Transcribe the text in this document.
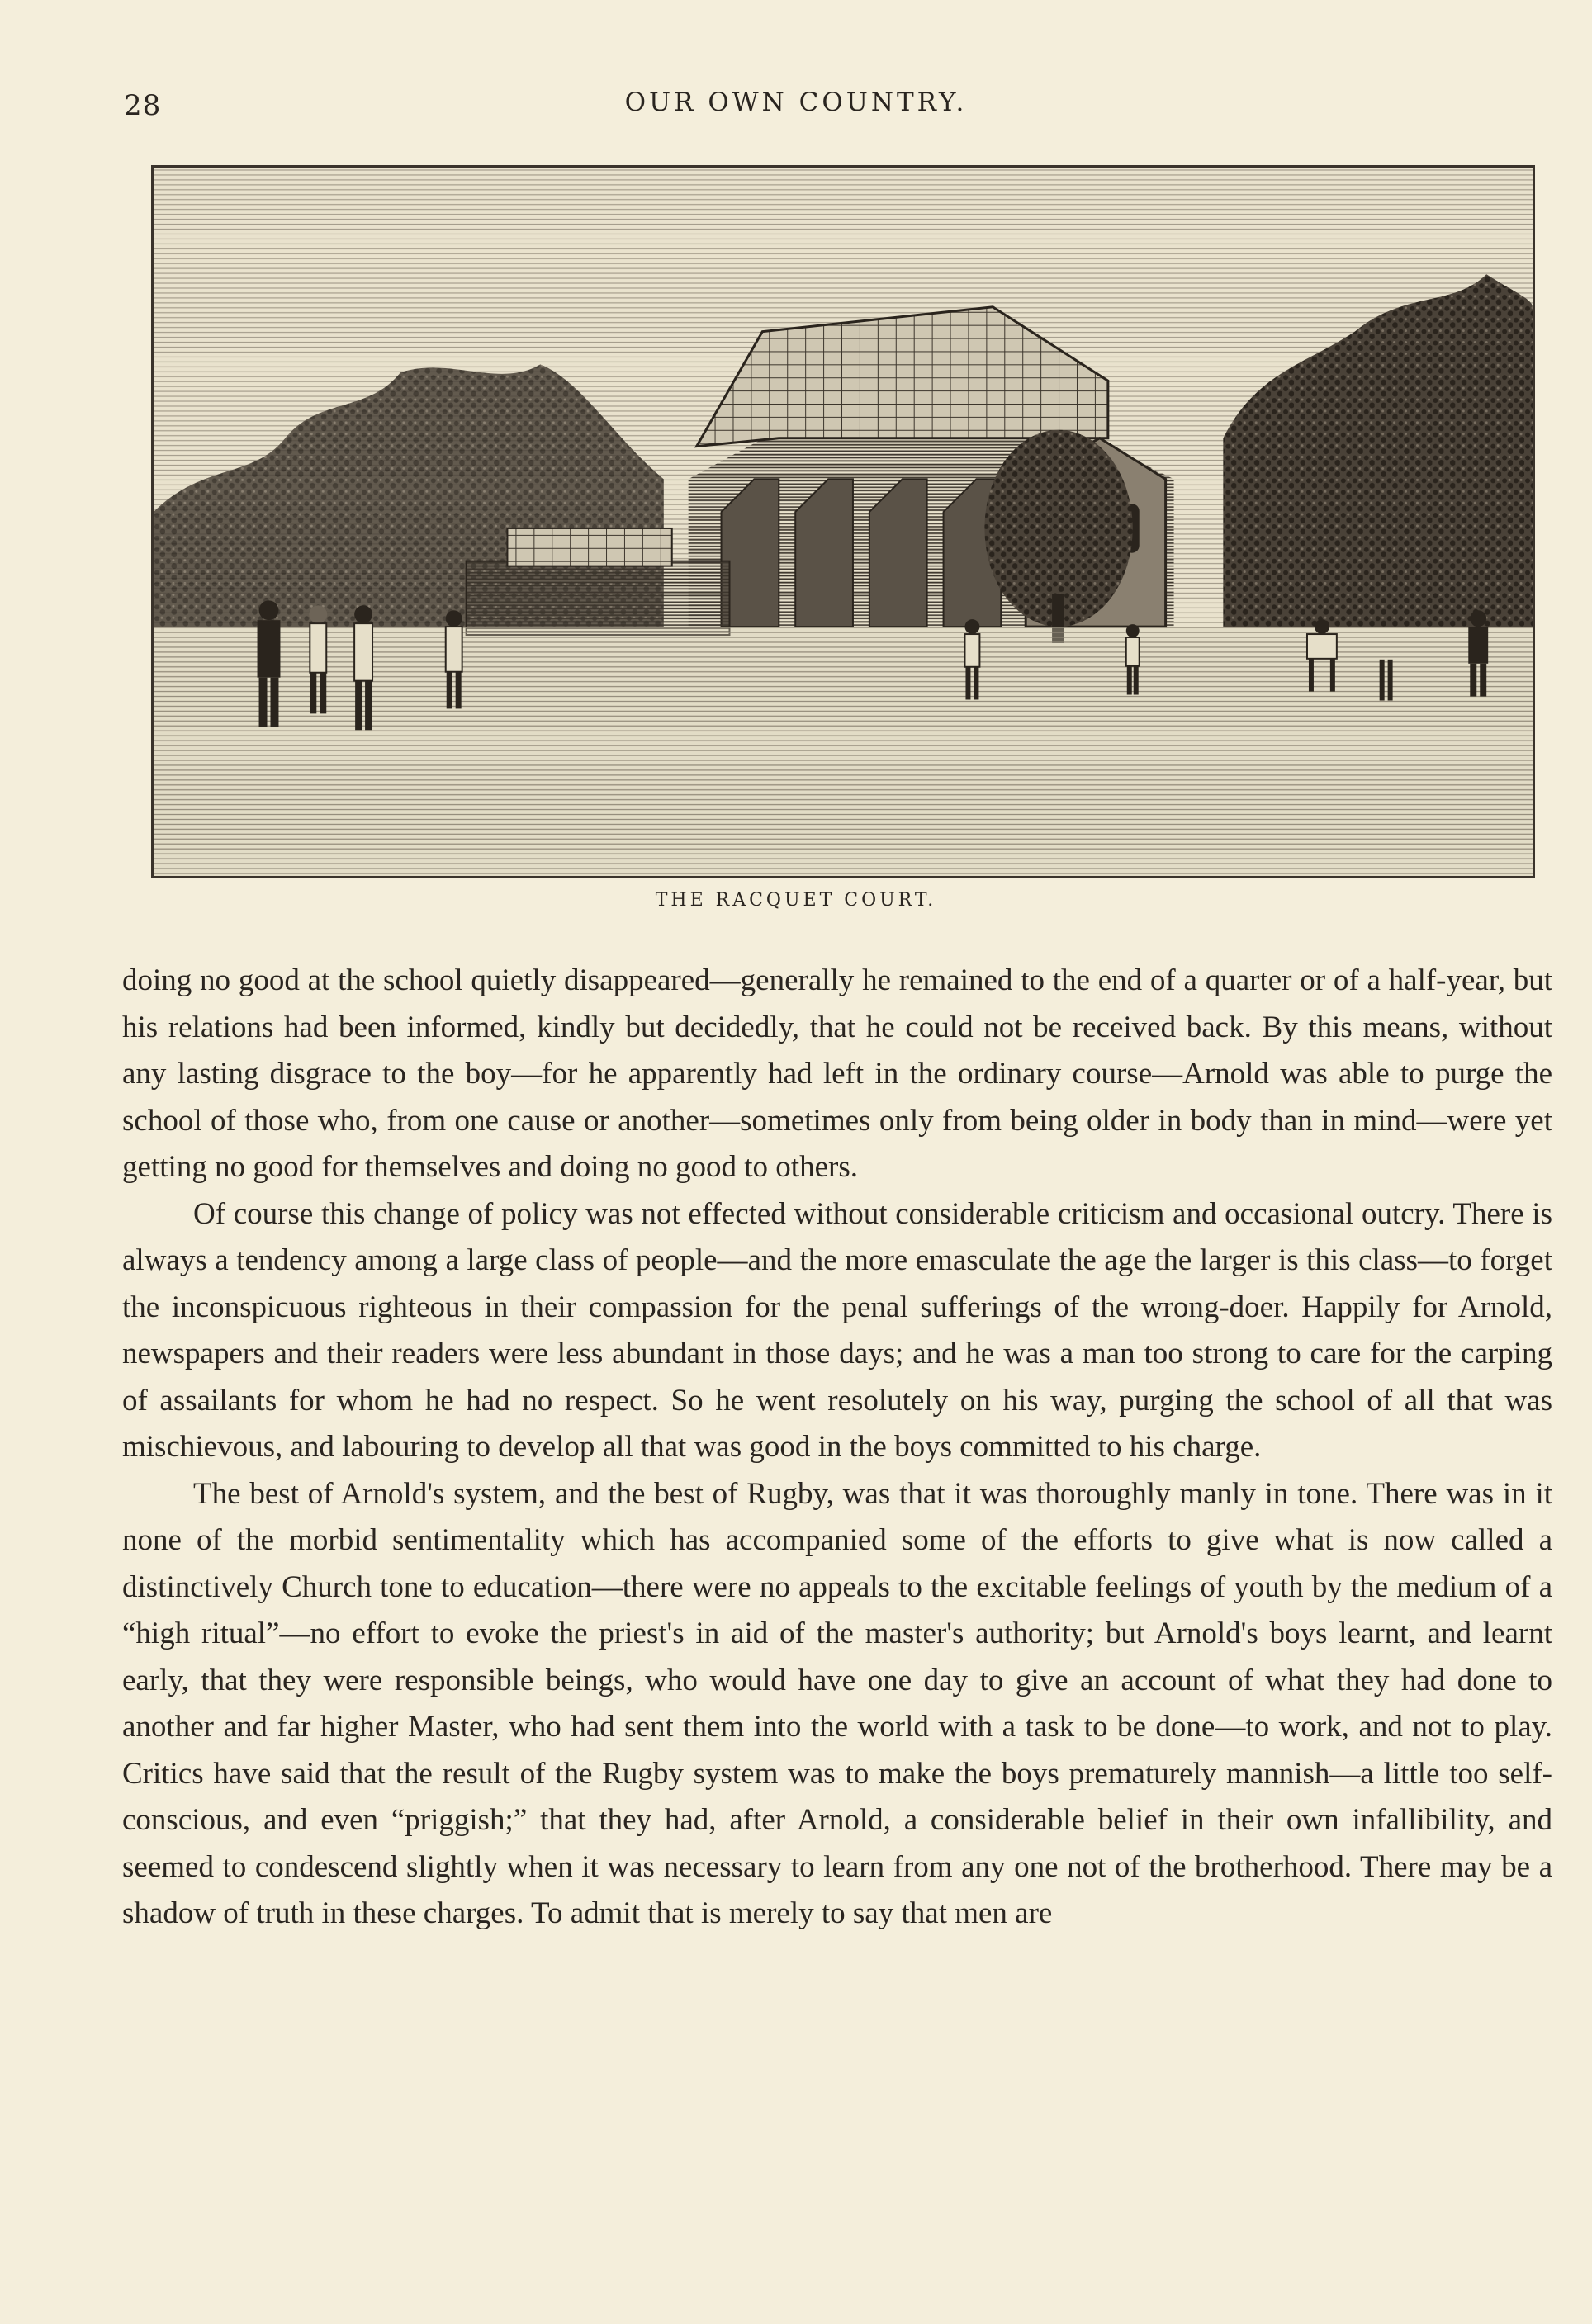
28	OUR OWN COUNTRY.
THE RACQUET COURT.

doing no good at the school quietly disappeared—generally he remained to the end of a quarter or of a half-year, but his relations had been informed, kindly but decidedly, that he could not be received back. By this means, without any lasting disgrace to the boy—for he apparently had left in the ordinary course—Arnold was able to purge the school of those who, from one cause or another—sometimes only from being older in body than in mind—were yet getting no good for themselves and doing no good to others.

Of course this change of policy was not effected without considerable criticism and occasional outcry. There is always a tendency among a large class of people—and the more emasculate the age the larger is this class—to forget the inconspicuous righteous in their compassion for the penal sufferings of the wrong-doer. Happily for Arnold, newspapers and their readers were less abundant in those days; and he was a man too strong to care for the carping of assailants for whom he had no respect. So he went resolutely on his way, purging the school of all that was mischievous, and labouring to develop all that was good in the boys committed to his charge.

The best of Arnold's system, and the best of Rugby, was that it was thoroughly manly in tone. There was in it none of the morbid sentimentality which has accompanied some of the efforts to give what is now called a distinctively Church tone to education—there were no appeals to the excitable feelings of youth by the medium of a “high ritual”—no effort to evoke the priest's in aid of the master's authority; but Arnold's boys learnt, and learnt early, that they were responsible beings, who would have one day to give an account of what they had done to another and far higher Master, who had sent them into the world with a task to be done—to work, and not to play. Critics have said that the result of the Rugby system was to make the boys prematurely mannish—a little too self-conscious, and even “priggish;” that they had, after Arnold, a considerable belief in their own infallibility, and seemed to condescend slightly when it was necessary to learn from any one not of the brotherhood. There may be a shadow of truth in these charges. To admit that is merely to say that men are
